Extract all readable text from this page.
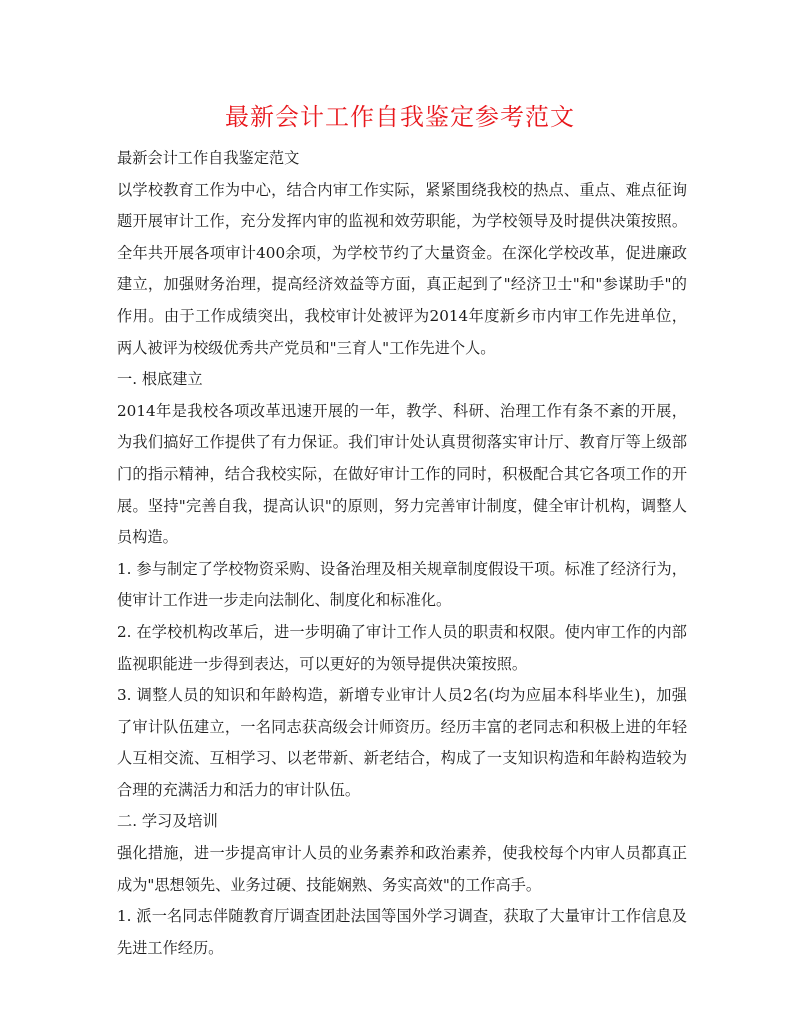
最新会计工作自我鉴定参考范文

最新会计工作自我鉴定范文

以学校教育工作为中心，结合内审工作实际，紧紧围绕我校的热点、重点、难点征询题开展审计工作，充分发挥内审的监视和效劳职能，为学校领导及时提供决策按照。全年共开展各项审计400余项，为学校节约了大量资金。在深化学校改革，促进廉政建立，加强财务治理，提高经济效益等方面，真正起到了"经济卫士"和"参谋助手"的作用。由于工作成绩突出，我校审计处被评为2014年度新乡市内审工作先进单位，两人被评为校级优秀共产党员和"三育人"工作先进个人。

一. 根底建立

2014年是我校各项改革迅速开展的一年，教学、科研、治理工作有条不紊的开展，为我们搞好工作提供了有力保证。我们审计处认真贯彻落实审计厅、教育厅等上级部门的指示精神，结合我校实际，在做好审计工作的同时，积极配合其它各项工作的开展。坚持"完善自我，提高认识"的原则，努力完善审计制度，健全审计机构，调整人员构造。

1. 参与制定了学校物资采购、设备治理及相关规章制度假设干项。标准了经济行为，使审计工作进一步走向法制化、制度化和标准化。

2. 在学校机构改革后，进一步明确了审计工作人员的职责和权限。使内审工作的内部监视职能进一步得到表达，可以更好的为领导提供决策按照。

3. 调整人员的知识和年龄构造，新增专业审计人员2名(均为应届本科毕业生)，加强了审计队伍建立，一名同志获高级会计师资历。经历丰富的老同志和积极上进的年轻人互相交流、互相学习、以老带新、新老结合，构成了一支知识构造和年龄构造较为合理的充满活力和活力的审计队伍。

二. 学习及培训

强化措施，进一步提高审计人员的业务素养和政治素养，使我校每个内审人员都真正成为"思想领先、业务过硬、技能娴熟、务实高效"的工作高手。

1. 派一名同志伴随教育厅调查团赴法国等国外学习调查，获取了大量审计工作信息及先进工作经历。
